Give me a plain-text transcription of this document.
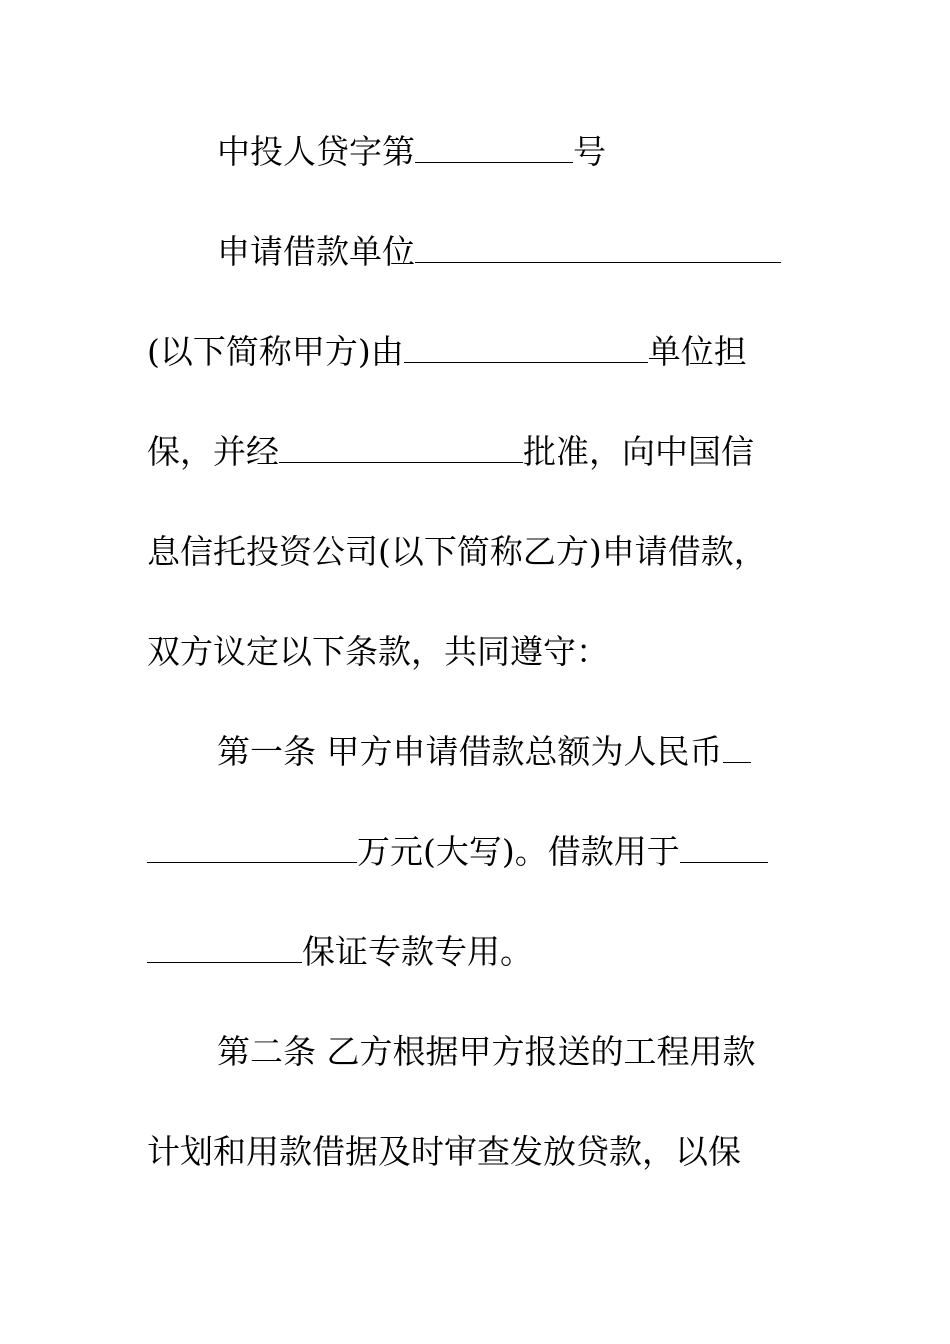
中投人贷字第	号
申请借款单位
(以下简称甲方)由	单位担
保，并经	批准，向中国信
息信托投资公司(以下简称乙方)申请借款，
双方议定以下条款，共同遵守：
第一条 甲方申请借款总额为人民币
万元(大写)。借款用于
保证专款专用。
第二条 乙方根据甲方报送的工程用款
计划和用款借据及时审查发放贷款，以保
